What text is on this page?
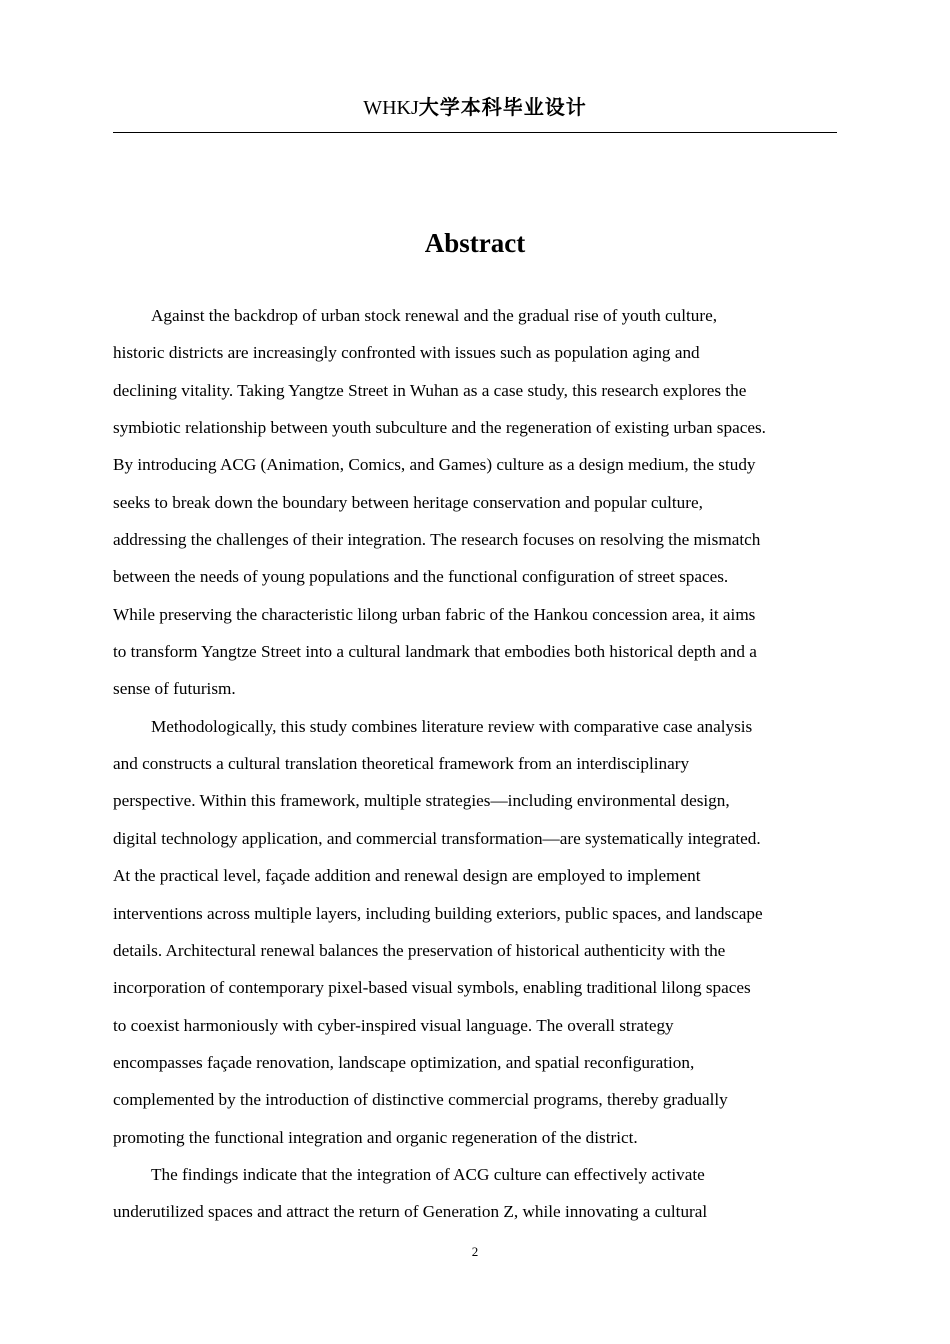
WHKJ大学本科毕业设计
Abstract

Against the backdrop of urban stock renewal and the gradual rise of youth culture,
historic districts are increasingly confronted with issues such as population aging and
declining vitality. Taking Yangtze Street in Wuhan as a case study, this research explores the
symbiotic relationship between youth subculture and the regeneration of existing urban spaces.
By introducing ACG (Animation, Comics, and Games) culture as a design medium, the study
seeks to break down the boundary between heritage conservation and popular culture,
addressing the challenges of their integration. The research focuses on resolving the mismatch
between the needs of young populations and the functional configuration of street spaces.
While preserving the characteristic lilong urban fabric of the Hankou concession area, it aims
to transform Yangtze Street into a cultural landmark that embodies both historical depth and a
sense of futurism.

Methodologically, this study combines literature review with comparative case analysis
and constructs a cultural translation theoretical framework from an interdisciplinary
perspective. Within this framework, multiple strategies—including environmental design,
digital technology application, and commercial transformation—are systematically integrated.
At the practical level, façade addition and renewal design are employed to implement
interventions across multiple layers, including building exteriors, public spaces, and landscape
details. Architectural renewal balances the preservation of historical authenticity with the
incorporation of contemporary pixel-based visual symbols, enabling traditional lilong spaces
to coexist harmoniously with cyber-inspired visual language. The overall strategy
encompasses façade renovation, landscape optimization, and spatial reconfiguration,
complemented by the introduction of distinctive commercial programs, thereby gradually
promoting the functional integration and organic regeneration of the district.

The findings indicate that the integration of ACG culture can effectively activate
underutilized spaces and attract the return of Generation Z, while innovating a cultural

2
